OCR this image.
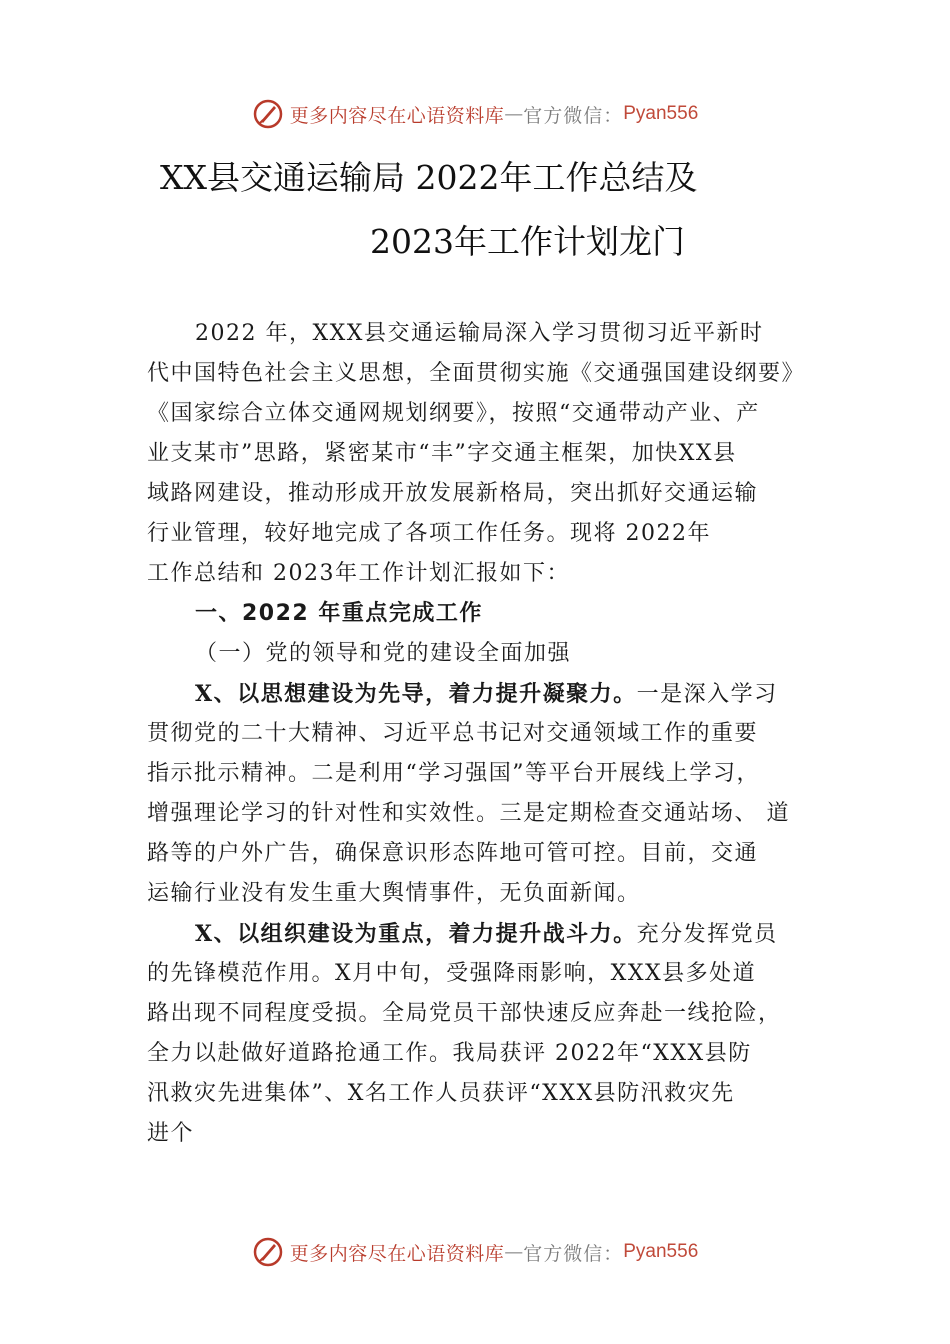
更多内容尽在心语资料库 — 官方微信： Pyan556
XX县交通运输局 2022年工作总结及
2023年工作计划龙门
2022 年，XXX县交通运输局深入学习贯彻习近平新时
代中国特色社会主义思想，全面贯彻实施《交通强国建设纲要》
《国家综合立体交通网规划纲要》，按照“交通带动产业、产
业支某市”思路，紧密某市“丰”字交通主框架，加快XX县
域路网建设，推动形成开放发展新格局，突出抓好交通运输
行业管理，较好地完成了各项工作任务。现将 2022年
工作总结和 2023年工作计划汇报如下：
一、2022 年重点完成工作
（一）党的领导和党的建设全面加强
X、以思想建设为先导，着力提升凝聚力。一是深入学习
贯彻党的二十大精神、习近平总书记对交通领域工作的重要
指示批示精神。二是利用“学习强国”等平台开展线上学习，
增强理论学习的针对性和实效性。三是定期检查交通站场、 道
路等的户外广告，确保意识形态阵地可管可控。目前，交通
运输行业没有发生重大舆情事件，无负面新闻。
X、以组织建设为重点，着力提升战斗力。充分发挥党员
的先锋模范作用。X月中旬，受强降雨影响，XXX县多处道
路出现不同程度受损。全局党员干部快速反应奔赴一线抢险，
全力以赴做好道路抢通工作。我局获评 2022年“XXX县防
汛救灾先进集体”、X名工作人员获评“XXX县防汛救灾先
进个
更多内容尽在心语资料库 — 官方微信： Pyan556
